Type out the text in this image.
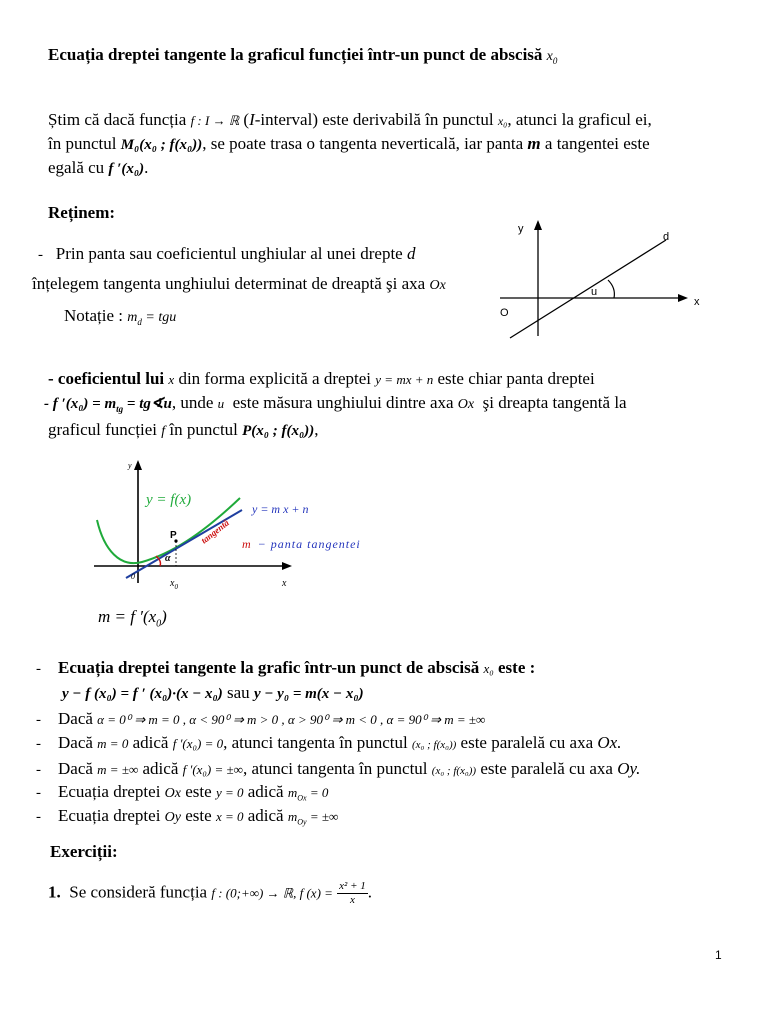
Ecuația dreptei tangente la graficul funcției într-un punct de abscisă $x_0$
Știm că dacă funcția f : I → ℝ (I-interval) este derivabilă în punctul x₀, atunci la graficul ei,
în punctul M₀(x₀ ; f(x₀)), se poate trasa o tangenta neverticală, iar panta m a tangentei este
egală cu f ′(x₀).
Reținem:
- Prin panta sau coeficientul unghiular al unei drepte d
înțelegem tangenta unghiului determinat de dreaptă şi axa Ox
Notație : $m_d$ = tgu
y
x
O
d
u
- coeficientul lui x din forma explicită a dreptei y = mx + n este chiar panta dreptei
- f $'(x_0) = m_{tg}$ = tg∢u, unde u este măsura unghiului dintre axa Ox şi dreapta tangentă la
graficul funcției f în punctul P(x₀ ; f(x₀)),
y
y = f(x)
y = m x + n
tangentă
P
α
0
$x_0$	x
m − panta tangentei
m = f $'(x_0)$
- Ecuația dreptei tangente la grafic într-un punct de abscisă x₀ este :
y − f (x₀) = f ′ (x₀)·(x − x₀) sau y − y₀ = m(x − x₀)
- Dacă α = 0⁰ ⇒ m = 0 , α < 90⁰ ⇒ m > 0 , α > 90⁰ ⇒ m < 0 , α = 90⁰ ⇒ m = ±∞
- Dacă m = 0 adică f ′(x₀) = 0, atunci tangenta în punctul (x₀ ; f(x₀)) este paralelă cu axa Ox.
- Dacă m = ±∞ adică f ′(x₀) = ±∞, atunci tangenta în punctul (x₀ ; f(x₀)) este paralelă cu axa Oy.
- Ecuația dreptei Ox este y = 0 adică $m_{Ox} = 0$
- Ecuația dreptei Oy este x = 0 adică $m_{Oy}$ = ±∞
Exerciții:
1. Se consideră funcția f : (0;+∞) → ℝ, f $(x) = \frac{\text{x² + 1}}{x}$ .
1
